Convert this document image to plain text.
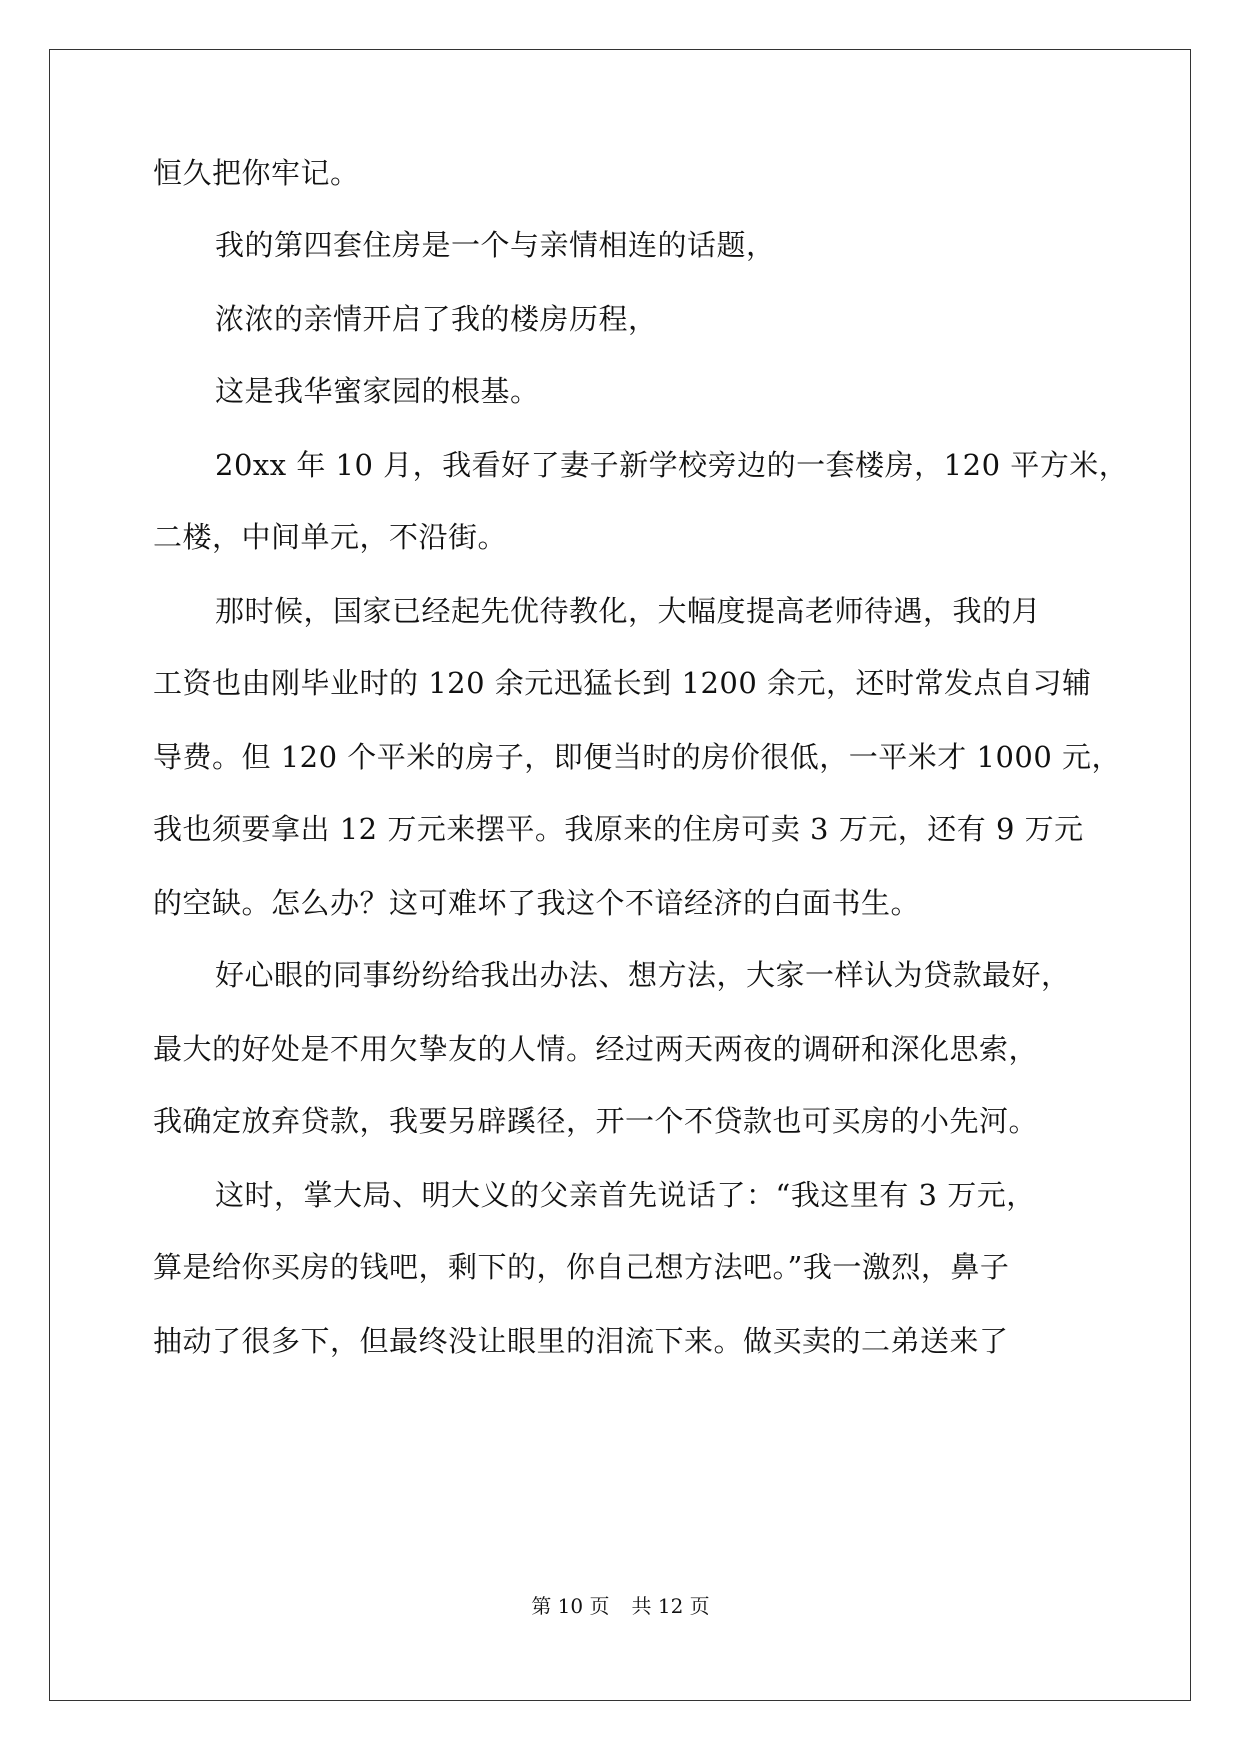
恒久把你牢记。
我的第四套住房是一个与亲情相连的话题，
浓浓的亲情开启了我的楼房历程，
这是我华蜜家园的根基。
20xx 年 10 月，我看好了妻子新学校旁边的一套楼房，120 平方米，
二楼，中间单元，不沿街。
那时候，国家已经起先优待教化，大幅度提高老师待遇，我的月
工资也由刚毕业时的 120 余元迅猛长到 1200 余元，还时常发点自习辅
导费。但 120 个平米的房子，即便当时的房价很低，一平米才 1000 元，
我也须要拿出 12 万元来摆平。我原来的住房可卖 3 万元，还有 9 万元
的空缺。怎么办？这可难坏了我这个不谙经济的白面书生。
好心眼的同事纷纷给我出办法、想方法，大家一样认为贷款最好，
最大的好处是不用欠挚友的人情。经过两天两夜的调研和深化思索，
我确定放弃贷款，我要另辟蹊径，开一个不贷款也可买房的小先河。
这时，掌大局、明大义的父亲首先说话了：“我这里有 3 万元，
算是给你买房的钱吧，剩下的，你自己想方法吧。”我一激烈，鼻子
抽动了很多下，但最终没让眼里的泪流下来。做买卖的二弟送来了
第 10 页 共 12 页
